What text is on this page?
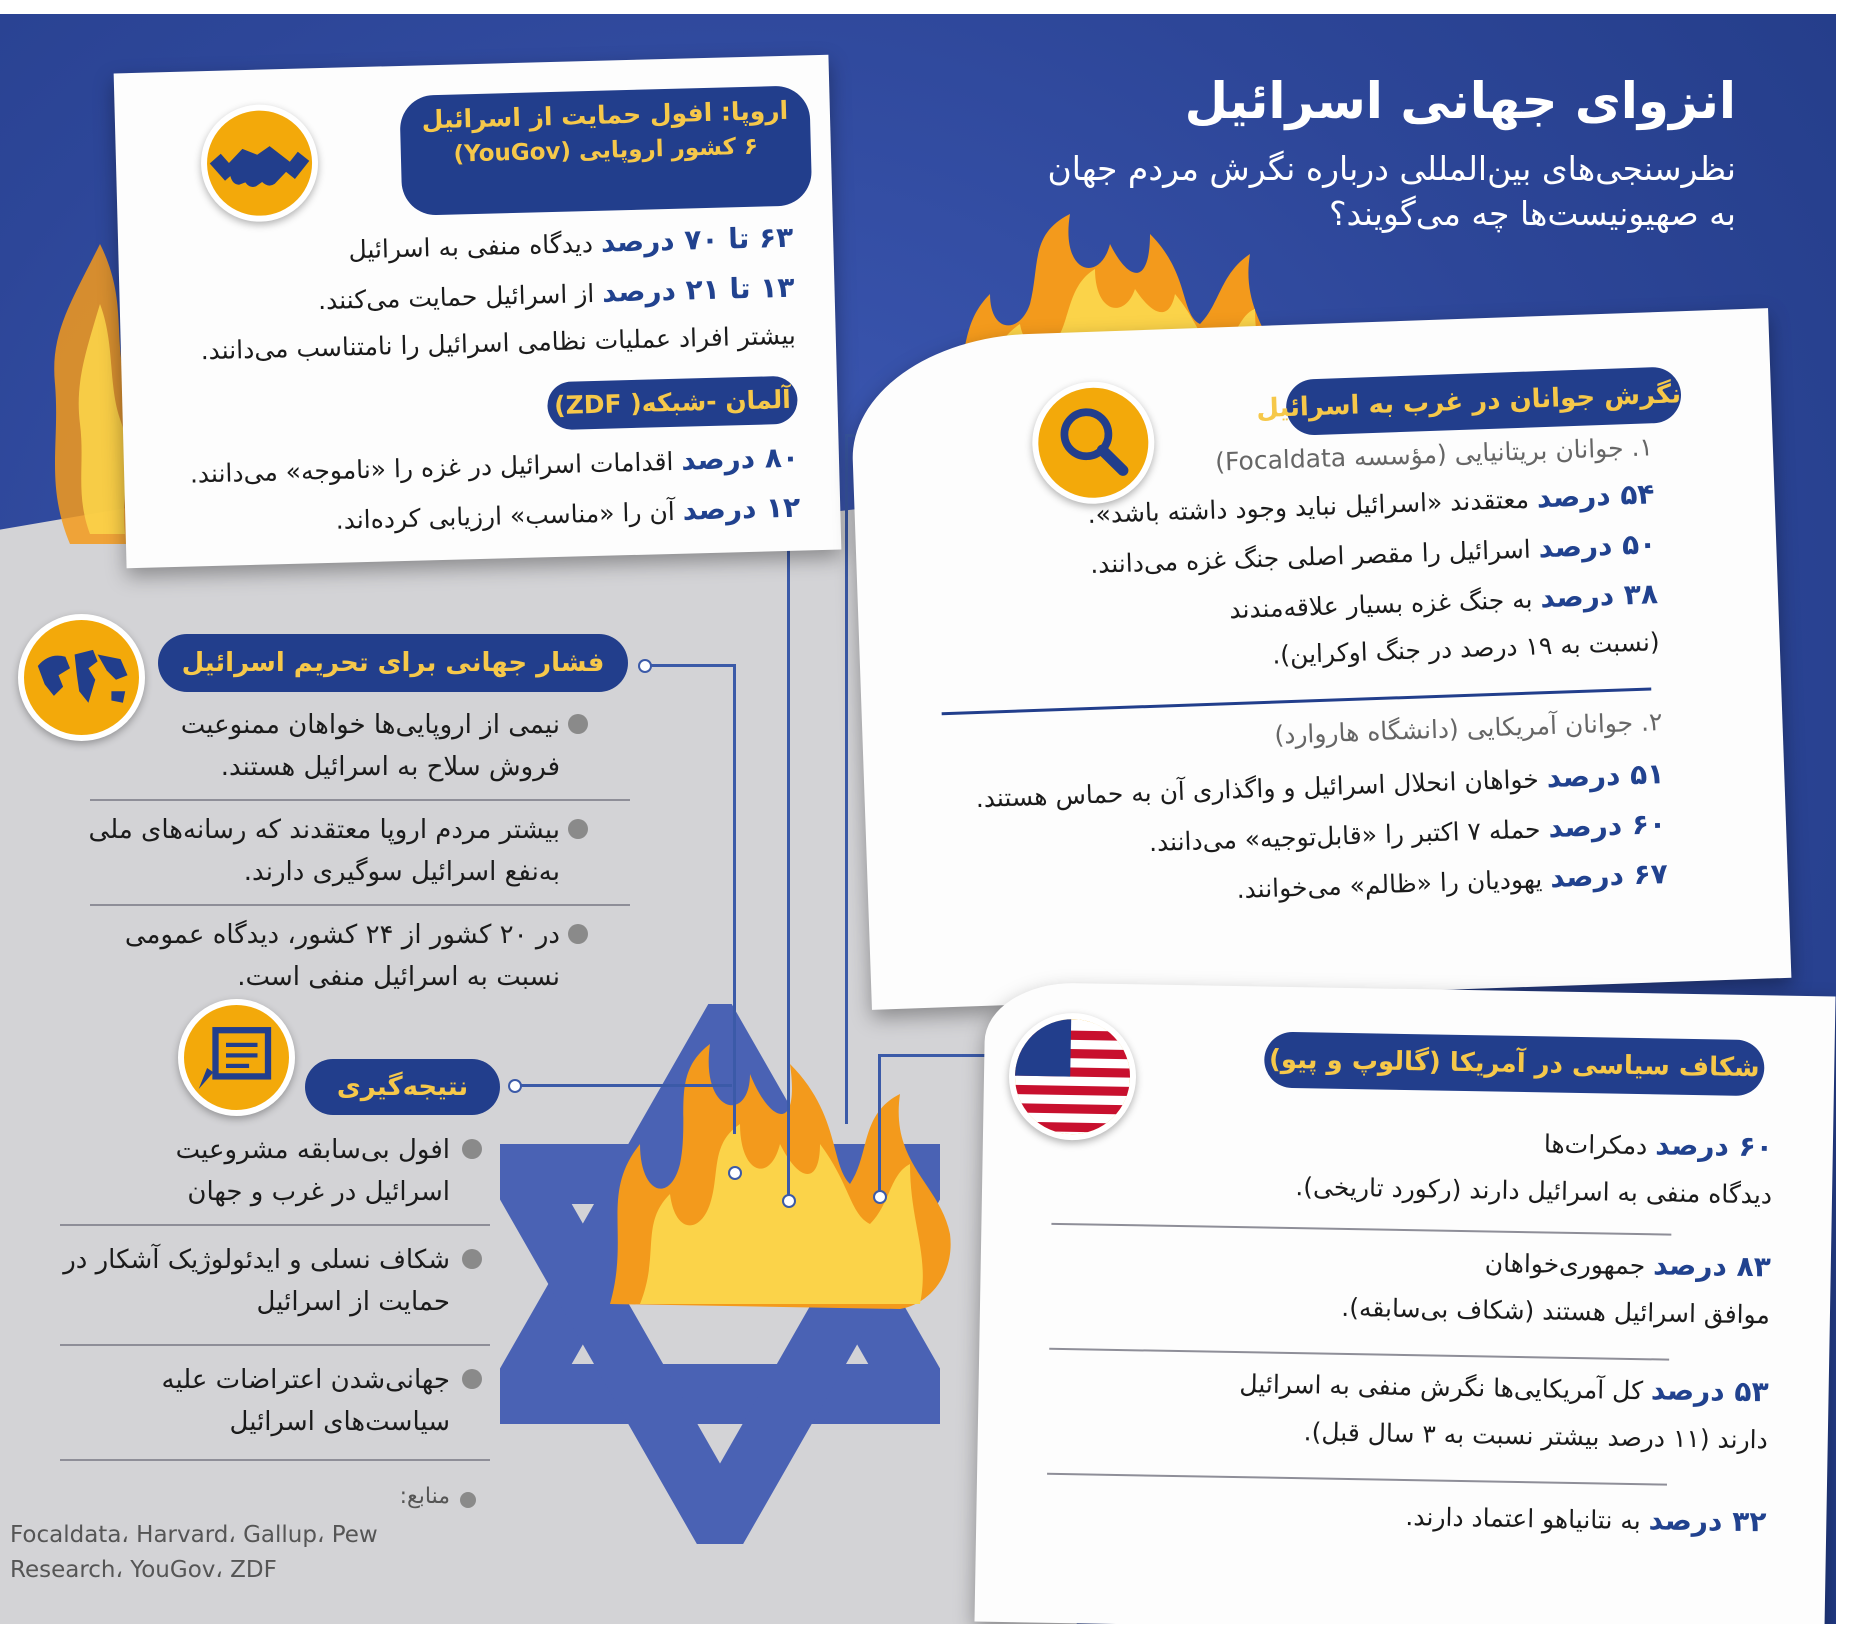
انزوای جهانی اسرائیل
نظرسنجی‌های بین‌المللی درباره نگرش مردم جهان
به صهیونیست‌ها چه می‌گویند؟
اروپا: افول حمایت از اسرائیل
۶ کشور اروپایی (YouGov)
۶۳ تا ۷۰ درصد دیدگاه منفی به اسرائیل
۱۳ تا ۲۱ درصد از اسرائیل حمایت می‌کنند.
بیشتر افراد عملیات نظامی اسرائیل را نامتناسب می‌دانند.
آلمان -شبکه( ZDF)
۸۰ درصد اقدامات اسرائیل در غزه را «ناموجه» می‌دانند.
۱۲ درصد آن را «مناسب» ارزیابی کرده‌اند.
فشار جهانی برای تحریم اسرائیل
نیمی از اروپایی‌ها خواهان ممنوعیت فروش سلاح به اسرائیل هستند.
بیشتر مردم اروپا معتقدند که رسانه‌های ملی به‌نفع اسرائیل سوگیری دارند.
در ۲۰ کشور از ۲۴ کشور، دیدگاه عمومی نسبت به اسرائیل منفی است.
نتیجه‌گیری
افول بی‌سابقه مشروعیت اسرائیل در غرب و جهان
شکاف نسلی و ایدئولوژیک آشکار در حمایت از اسرائیل
جهانی‌شدن اعتراضات علیه سیاست‌های اسرائیل
منابع:
Focaldata، Harvard، Gallup، Pew
Research، YouGov، ZDF
نگرش جوانان در غرب به اسرائیل
۱. جوانان بریتانیایی (مؤسسه Focaldata)
۵۴ درصد معتقدند «اسرائیل نباید وجود داشته باشد».
۵۰ درصد اسرائیل را مقصر اصلی جنگ غزه می‌دانند.
۳۸ درصد به جنگ غزه بسیار علاقه‌مندند
(نسبت به ۱۹ درصد در جنگ اوکراین).
۲. جوانان آمریکایی (دانشگاه هاروارد)
۵۱ درصد خواهان انحلال اسرائیل و واگذاری آن به حماس هستند.
۶۰ درصد حمله ۷ اکتبر را «قابل‌توجیه» می‌دانند.
۶۷ درصد یهودیان را «ظالم» می‌خوانند.
شکاف سیاسی در آمریکا (گالوپ و پیو)
۶۰ درصد دمکرات‌ها
دیدگاه منفی به اسرائیل دارند (رکورد تاریخی).
۸۳ درصد جمهوری‌خواهان
موافق اسرائیل هستند (شکاف بی‌سابقه).
۵۳ درصد کل آمریکایی‌ها نگرش منفی به اسرائیل
دارند (۱۱ درصد بیشتر نسبت به ۳ سال قبل).
۳۲ درصد به نتانیاهو اعتماد دارند.
